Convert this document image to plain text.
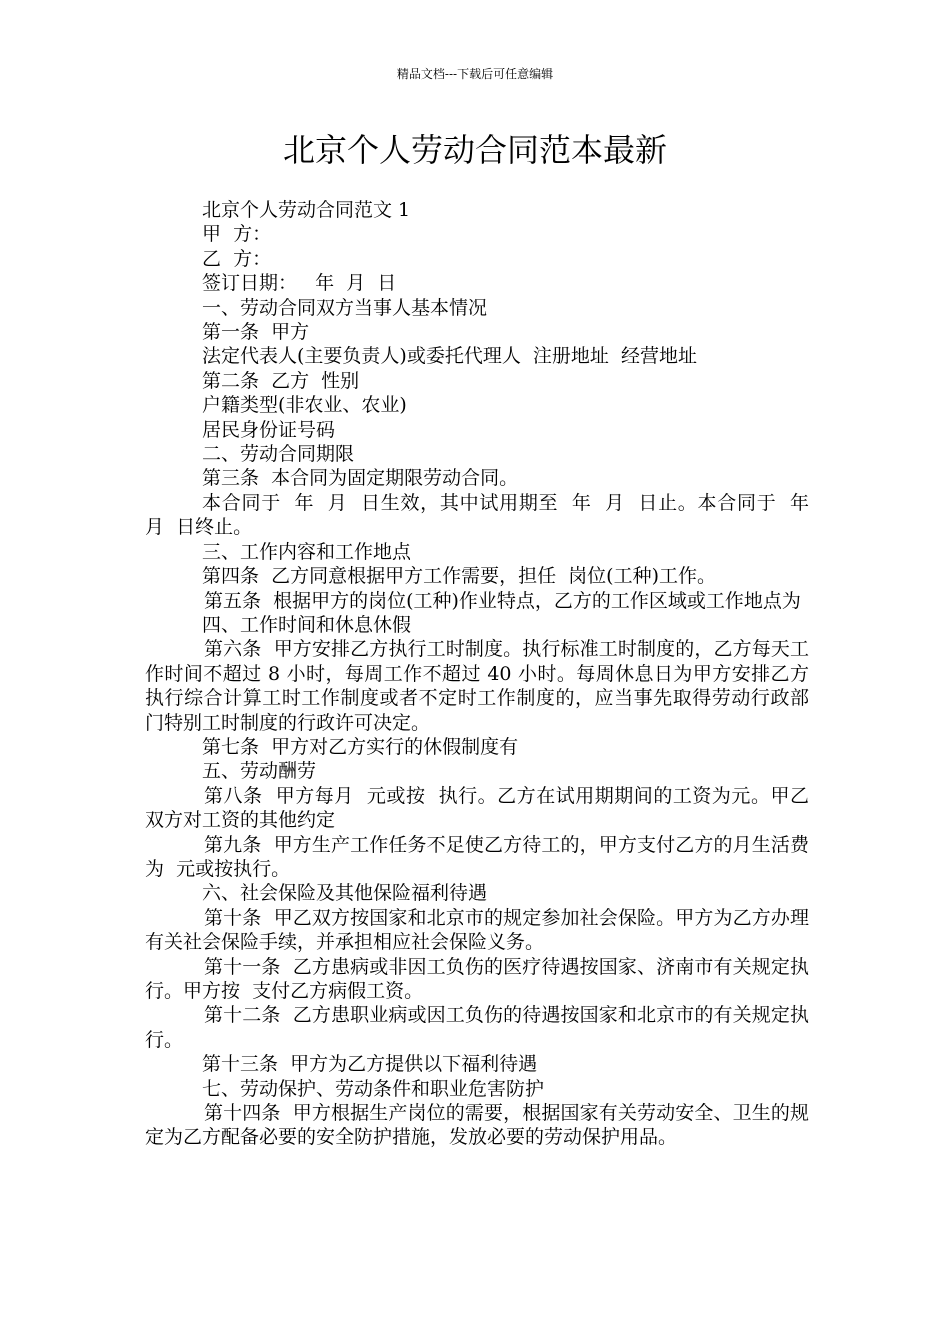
精品文档---下载后可任意编辑
北京个人劳动合同范本最新

北京个人劳动合同范文 1

甲  方：

乙  方：

签订日期：   年  月  日

一、劳动合同双方当事人基本情况

第一条  甲方

法定代表人(主要负责人)或委托代理人  注册地址  经营地址

第二条  乙方  性别

户籍类型(非农业、农业)

居民身份证号码

二、劳动合同期限

第三条  本合同为固定期限劳动合同。

本合同于  年  月  日生效，其中试用期至  年  月  日止。本合同于  年  月  日终止。

三、工作内容和工作地点

第四条  乙方同意根据甲方工作需要，担任  岗位(工种)工作。

第五条  根据甲方的岗位(工种)作业特点，乙方的工作区域或工作地点为

四、工作时间和休息休假

第六条  甲方安排乙方执行工时制度。执行标准工时制度的，乙方每天工作时间不超过 8 小时，每周工作不超过 40 小时。每周休息日为甲方安排乙方执行综合计算工时工作制度或者不定时工作制度的，应当事先取得劳动行政部门特别工时制度的行政许可决定。

第七条  甲方对乙方实行的休假制度有

五、劳动酬劳

第八条  甲方每月  元或按  执行。乙方在试用期期间的工资为元。甲乙双方对工资的其他约定

第九条  甲方生产工作任务不足使乙方待工的，甲方支付乙方的月生活费为  元或按执行。

六、社会保险及其他保险福利待遇

第十条  甲乙双方按国家和北京市的规定参加社会保险。甲方为乙方办理有关社会保险手续，并承担相应社会保险义务。

第十一条  乙方患病或非因工负伤的医疗待遇按国家、济南市有关规定执行。甲方按  支付乙方病假工资。

第十二条  乙方患职业病或因工负伤的待遇按国家和北京市的有关规定执行。

第十三条  甲方为乙方提供以下福利待遇

七、劳动保护、劳动条件和职业危害防护

第十四条  甲方根据生产岗位的需要，根据国家有关劳动安全、卫生的规定为乙方配备必要的安全防护措施，发放必要的劳动保护用品。
